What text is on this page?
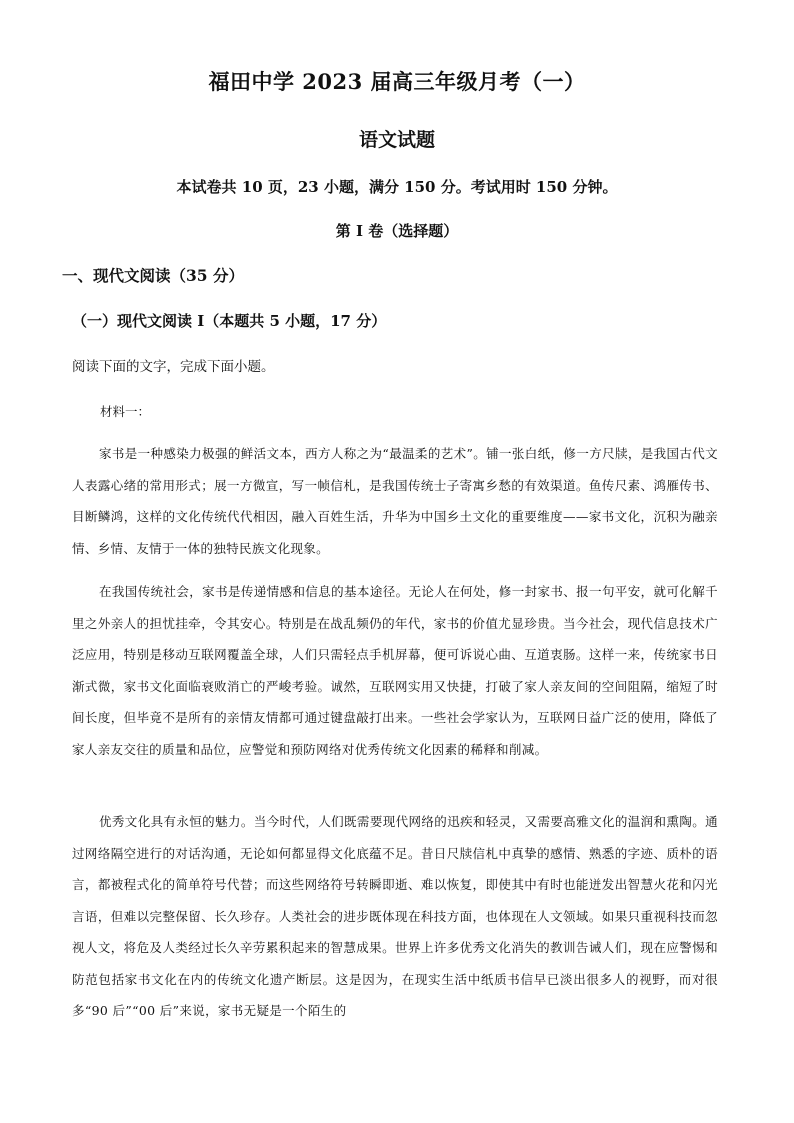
福田中学 2023 届高三年级月考（一）
语文试题
本试卷共 10 页，23 小题，满分 150 分。考试用时 150 分钟。
第 I 卷（选择题）
一、现代文阅读（35 分）
（一）现代文阅读 I（本题共 5 小题，17 分）
阅读下面的文字，完成下面小题。
材料一：
家书是一种感染力极强的鲜活文本，西方人称之为“最温柔的艺术”。铺一张白纸，修一方尺牍，是我国古代文人表露心绪的常用形式；展一方微宣，写一帧信札，是我国传统士子寄寓乡愁的有效渠道。鱼传尺素、鸿雁传书、目断鳞鸿，这样的文化传统代代相因，融入百姓生活，升华为中国乡土文化的重要维度——家书文化，沉积为融亲情、乡情、友情于一体的独特民族文化现象。
在我国传统社会，家书是传递情感和信息的基本途径。无论人在何处，修一封家书、报一句平安，就可化解千里之外亲人的担忧挂牵，令其安心。特别是在战乱频仍的年代，家书的价值尤显珍贵。当今社会，现代信息技术广泛应用，特别是移动互联网覆盖全球，人们只需轻点手机屏幕，便可诉说心曲、互道衷肠。这样一来，传统家书日渐式微，家书文化面临衰败消亡的严峻考验。诚然，互联网实用又快捷，打破了家人亲友间的空间阻隔，缩短了时间长度，但毕竟不是所有的亲情友情都可通过键盘敲打出来。一些社会学家认为，互联网日益广泛的使用，降低了家人亲友交往的质量和品位，应警觉和预防网络对优秀传统文化因素的稀释和削减。
优秀文化具有永恒的魅力。当今时代，人们既需要现代网络的迅疾和轻灵，又需要高雅文化的温润和熏陶。通过网络隔空进行的对话沟通，无论如何都显得文化底蕴不足。昔日尺牍信札中真挚的感情、熟悉的字迹、质朴的语言，都被程式化的简单符号代替；而这些网络符号转瞬即逝、难以恢复，即使其中有时也能迸发出智慧火花和闪光言语，但难以完整保留、长久珍存。人类社会的进步既体现在科技方面，也体现在人文领域。如果只重视科技而忽视人文，将危及人类经过长久辛劳累积起来的智慧成果。世界上许多优秀文化消失的教训告诫人们，现在应警惕和防范包括家书文化在内的传统文化遗产断层。这是因为，在现实生活中纸质书信早已淡出很多人的视野，而对很多“90 后”“00 后”来说，家书无疑是一个陌生的
